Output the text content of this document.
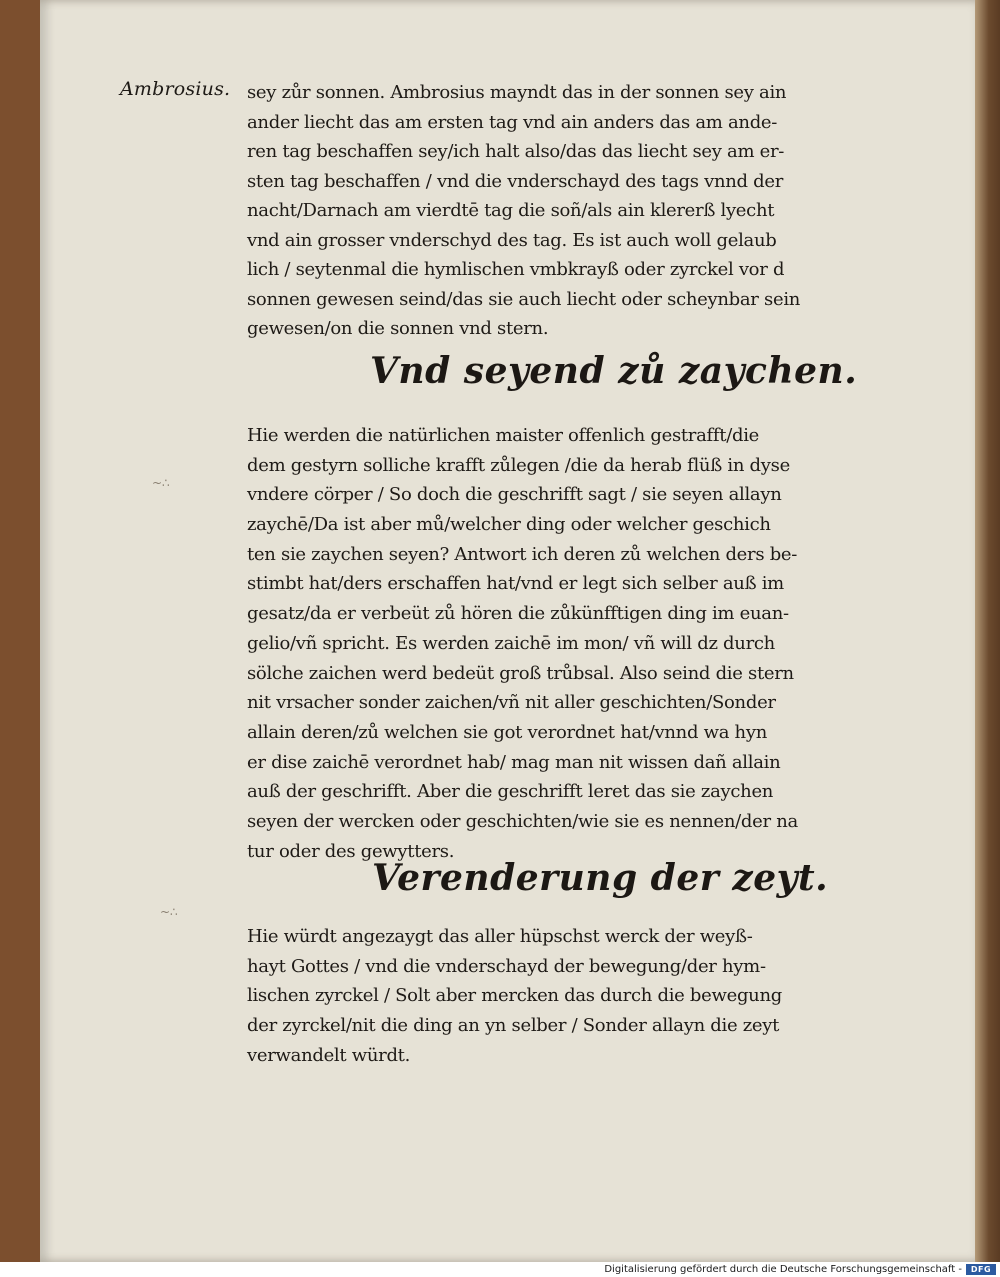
Ambrosius. sey zůr sonnen. Ambrosius mayndt das in der sonnen sey ain
ander liecht das am ersten tag vnd ain anders das am ande-
ren tag beschaffen sey/ich halt also/das das liecht sey am er-
sten tag beschaffen / vnd die vnderschayd des tags vnnd der
nacht/Darnach am vierdtē tag die soñ/als ain klererß lyecht
vnd ain grosser vnderschyd des tag. Es ist auch woll gelaub
lich / seytenmal die hymlischen vmbkrayß oder zyrckel vor d
sonnen gewesen seind/das sie auch liecht oder scheynbar sein
gewesen/on die sonnen vnd stern.
Vnd seyend zů zaychen.
~∴
Hie werden die natürlichen maister offenlich gestrafft/die
dem gestyrn solliche krafft zůlegen /die da herab flüß in dyse
vndere cörper / So doch die geschrifft sagt / sie seyen allayn
zaychē/Da ist aber mů/welcher ding oder welcher geschich
ten sie zaychen seyen? Antwort ich deren zů welchen ders be-
stimbt hat/ders erschaffen hat/vnd er legt sich selber auß im
gesatz/da er verbeüt zů hören die zůkünfftigen ding im euan-
gelio/vñ spricht. Es werden zaichē im mon/ vñ will dz durch
sölche zaichen werd bedeüt groß trůbsal. Also seind die stern
nit vrsacher sonder zaichen/vñ nit aller geschichten/Sonder
allain deren/zů welchen sie got verordnet hat/vnnd wa hyn
er dise zaichē verordnet hab/ mag man nit wissen dañ allain
auß der geschrifft. Aber die geschrifft leret das sie zaychen
seyen der wercken oder geschichten/wie sie es nennen/der na
tur oder des gewytters.
Verenderung der zeyt.
~∴
Hie würdt angezaygt das aller hüpschst werck der weyß-
hayt Gottes / vnd die vnderschayd der bewegung/der hym-
lischen zyrckel / Solt aber mercken das durch die bewegung
der zyrckel/nit die ding an yn selber / Sonder allayn die zeyt
verwandelt würdt.
Digitalisierung gefördert durch die Deutsche Forschungsgemeinschaft -	DFG
